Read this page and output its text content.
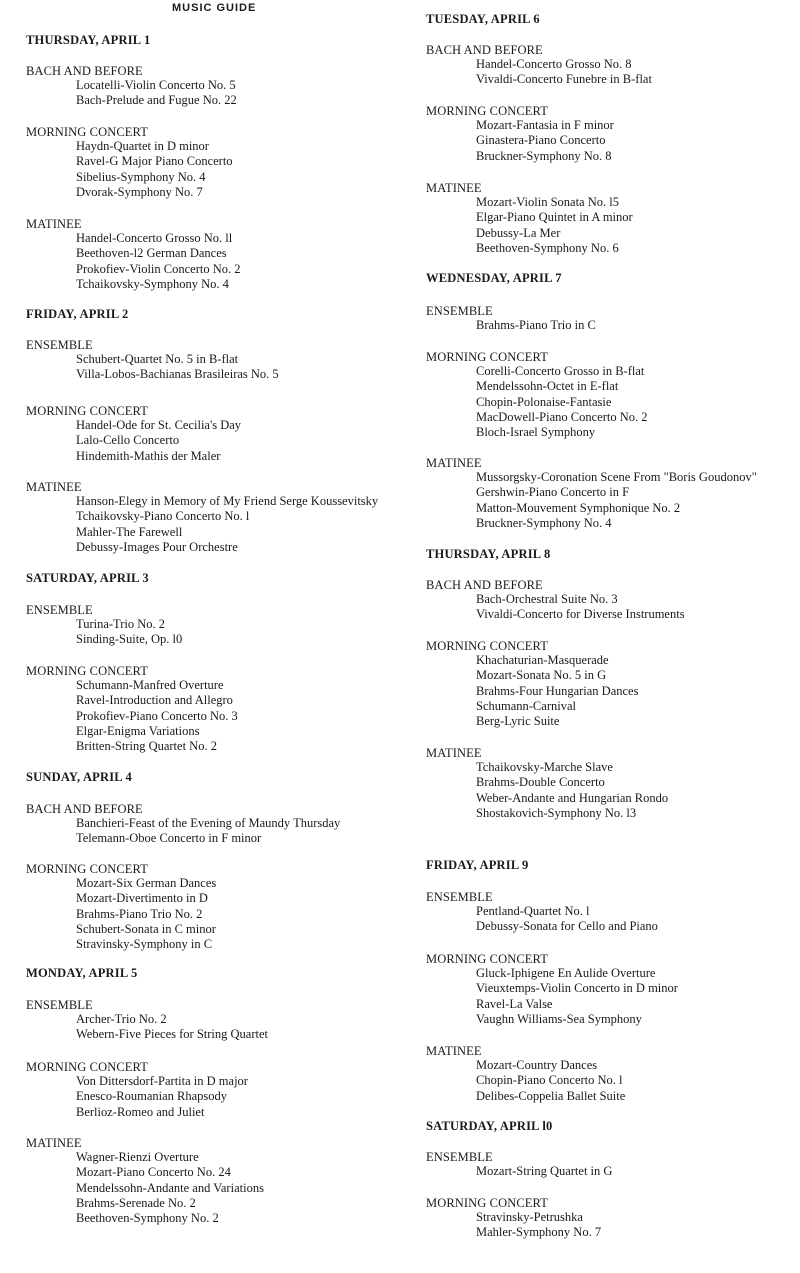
MUSIC GUIDE
THURSDAY, APRIL 1
BACH AND BEFORE
Locatelli-Violin Concerto No. 5
Bach-Prelude and Fugue No. 22
MORNING CONCERT
Haydn-Quartet in D minor
Ravel-G Major Piano Concerto
Sibelius-Symphony No. 4
Dvorak-Symphony No. 7
MATINEE
Handel-Concerto Grosso No. ll
Beethoven-l2 German Dances
Prokofiev-Violin Concerto No. 2
Tchaikovsky-Symphony No. 4
FRIDAY, APRIL 2
ENSEMBLE
Schubert-Quartet No. 5 in B-flat
Villa-Lobos-Bachianas Brasileiras No. 5
MORNING CONCERT
Handel-Ode for St. Cecilia's Day
Lalo-Cello Concerto
Hindemith-Mathis der Maler
MATINEE
Hanson-Elegy in Memory of My Friend Serge Koussevitsky
Tchaikovsky-Piano Concerto No. l
Mahler-The Farewell
Debussy-Images Pour Orchestre
SATURDAY, APRIL 3
ENSEMBLE
Turina-Trio No. 2
Sinding-Suite, Op. l0
MORNING CONCERT
Schumann-Manfred Overture
Ravel-Introduction and Allegro
Prokofiev-Piano Concerto No. 3
Elgar-Enigma Variations
Britten-String Quartet No. 2
SUNDAY, APRIL 4
BACH AND BEFORE
Banchieri-Feast of the Evening of Maundy Thursday
Telemann-Oboe Concerto in F minor
MORNING CONCERT
Mozart-Six German Dances
Mozart-Divertimento in D
Brahms-Piano Trio No. 2
Schubert-Sonata in C minor
Stravinsky-Symphony in C
MONDAY, APRIL 5
ENSEMBLE
Archer-Trio No. 2
Webern-Five Pieces for String Quartet
MORNING CONCERT
Von Dittersdorf-Partita in D major
Enesco-Roumanian Rhapsody
Berlioz-Romeo and Juliet
MATINEE
Wagner-Rienzi Overture
Mozart-Piano Concerto No. 24
Mendelssohn-Andante and Variations
Brahms-Serenade No. 2
Beethoven-Symphony No. 2
TUESDAY, APRIL 6
BACH AND BEFORE
Handel-Concerto Grosso No. 8
Vivaldi-Concerto Funebre in B-flat
MORNING CONCERT
Mozart-Fantasia in F minor
Ginastera-Piano Concerto
Bruckner-Symphony No. 8
MATINEE
Mozart-Violin Sonata No. l5
Elgar-Piano Quintet in A minor
Debussy-La Mer
Beethoven-Symphony No. 6
WEDNESDAY, APRIL 7
ENSEMBLE
Brahms-Piano Trio in C
MORNING CONCERT
Corelli-Concerto Grosso in B-flat
Mendelssohn-Octet in E-flat
Chopin-Polonaise-Fantasie
MacDowell-Piano Concerto No. 2
Bloch-Israel Symphony
MATINEE
Mussorgsky-Coronation Scene From "Boris Goudonov"
Gershwin-Piano Concerto in F
Matton-Mouvement Symphonique No. 2
Bruckner-Symphony No. 4
THURSDAY, APRIL 8
BACH AND BEFORE
Bach-Orchestral Suite No. 3
Vivaldi-Concerto for Diverse Instruments
MORNING CONCERT
Khachaturian-Masquerade
Mozart-Sonata No. 5 in G
Brahms-Four Hungarian Dances
Schumann-Carnival
Berg-Lyric Suite
MATINEE
Tchaikovsky-Marche Slave
Brahms-Double Concerto
Weber-Andante and Hungarian Rondo
Shostakovich-Symphony No. l3
FRIDAY, APRIL 9
ENSEMBLE
Pentland-Quartet No. l
Debussy-Sonata for Cello and Piano
MORNING CONCERT
Gluck-Iphigene En Aulide Overture
Vieuxtemps-Violin Concerto in D minor
Ravel-La Valse
Vaughn Williams-Sea Symphony
MATINEE
Mozart-Country Dances
Chopin-Piano Concerto No. l
Delibes-Coppelia Ballet Suite
SATURDAY, APRIL l0
ENSEMBLE
Mozart-String Quartet in G
MORNING CONCERT
Stravinsky-Petrushka
Mahler-Symphony No. 7
